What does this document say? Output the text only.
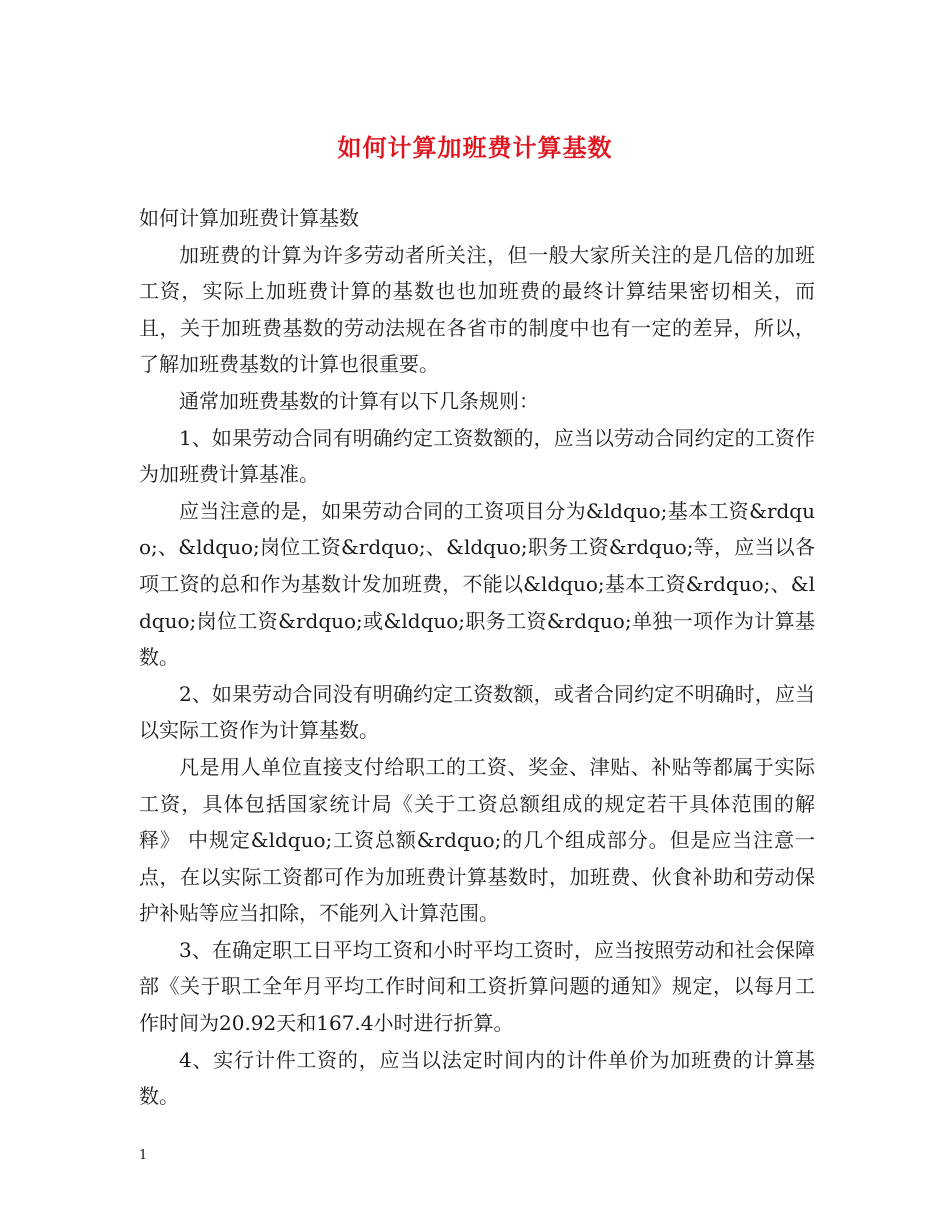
如何计算加班费计算基数

如何计算加班费计算基数

加班费的计算为许多劳动者所关注，但一般大家所关注的是几倍的加班工资，实际上加班费计算的基数也也加班费的最终计算结果密切相关，而且，关于加班费基数的劳动法规在各省市的制度中也有一定的差异，所以，了解加班费基数的计算也很重要。

通常加班费基数的计算有以下几条规则：

1、如果劳动合同有明确约定工资数额的，应当以劳动合同约定的工资作为加班费计算基准。

应当注意的是，如果劳动合同的工资项目分为&ldquo;基本工资&rdquo;、&ldquo;岗位工资&rdquo;、&ldquo;职务工资&rdquo;等，应当以各项工资的总和作为基数计发加班费，不能以&ldquo;基本工资&rdquo;、&ldquo;岗位工资&rdquo;或&ldquo;职务工资&rdquo;单独一项作为计算基数。

2、如果劳动合同没有明确约定工资数额，或者合同约定不明确时，应当以实际工资作为计算基数。

凡是用人单位直接支付给职工的工资、奖金、津贴、补贴等都属于实际工资，具体包括国家统计局《关于工资总额组成的规定若干具体范围的解释》 中规定&ldquo;工资总额&rdquo;的几个组成部分。但是应当注意一点，在以实际工资都可作为加班费计算基数时，加班费、伙食补助和劳动保护补贴等应当扣除，不能列入计算范围。

3、在确定职工日平均工资和小时平均工资时，应当按照劳动和社会保障部《关于职工全年月平均工作时间和工资折算问题的通知》规定，以每月工作时间为20.92天和167.4小时进行折算。

4、实行计件工资的，应当以法定时间内的计件单价为加班费的计算基数。

1
